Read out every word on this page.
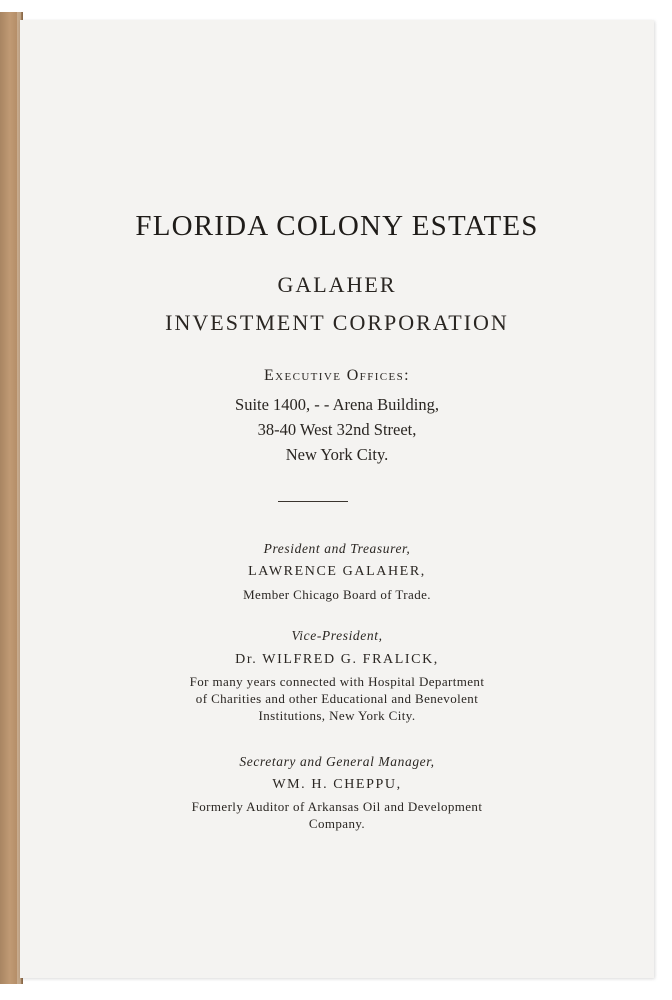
FLORIDA COLONY ESTATES
GALAHER
INVESTMENT CORPORATION
Executive Offices:
Suite 1400, - - Arena Building,
38-40 West 32nd Street,
New York City.
President and Treasurer,
LAWRENCE GALAHER,
Member Chicago Board of Trade.
Vice-President,
Dr. WILFRED G. FRALICK,
For many years connected with Hospital Department
of Charities and other Educational and Benevolent
Institutions, New York City.
Secretary and General Manager,
WM. H. CHEPPU,
Formerly Auditor of Arkansas Oil and Development
Company.
